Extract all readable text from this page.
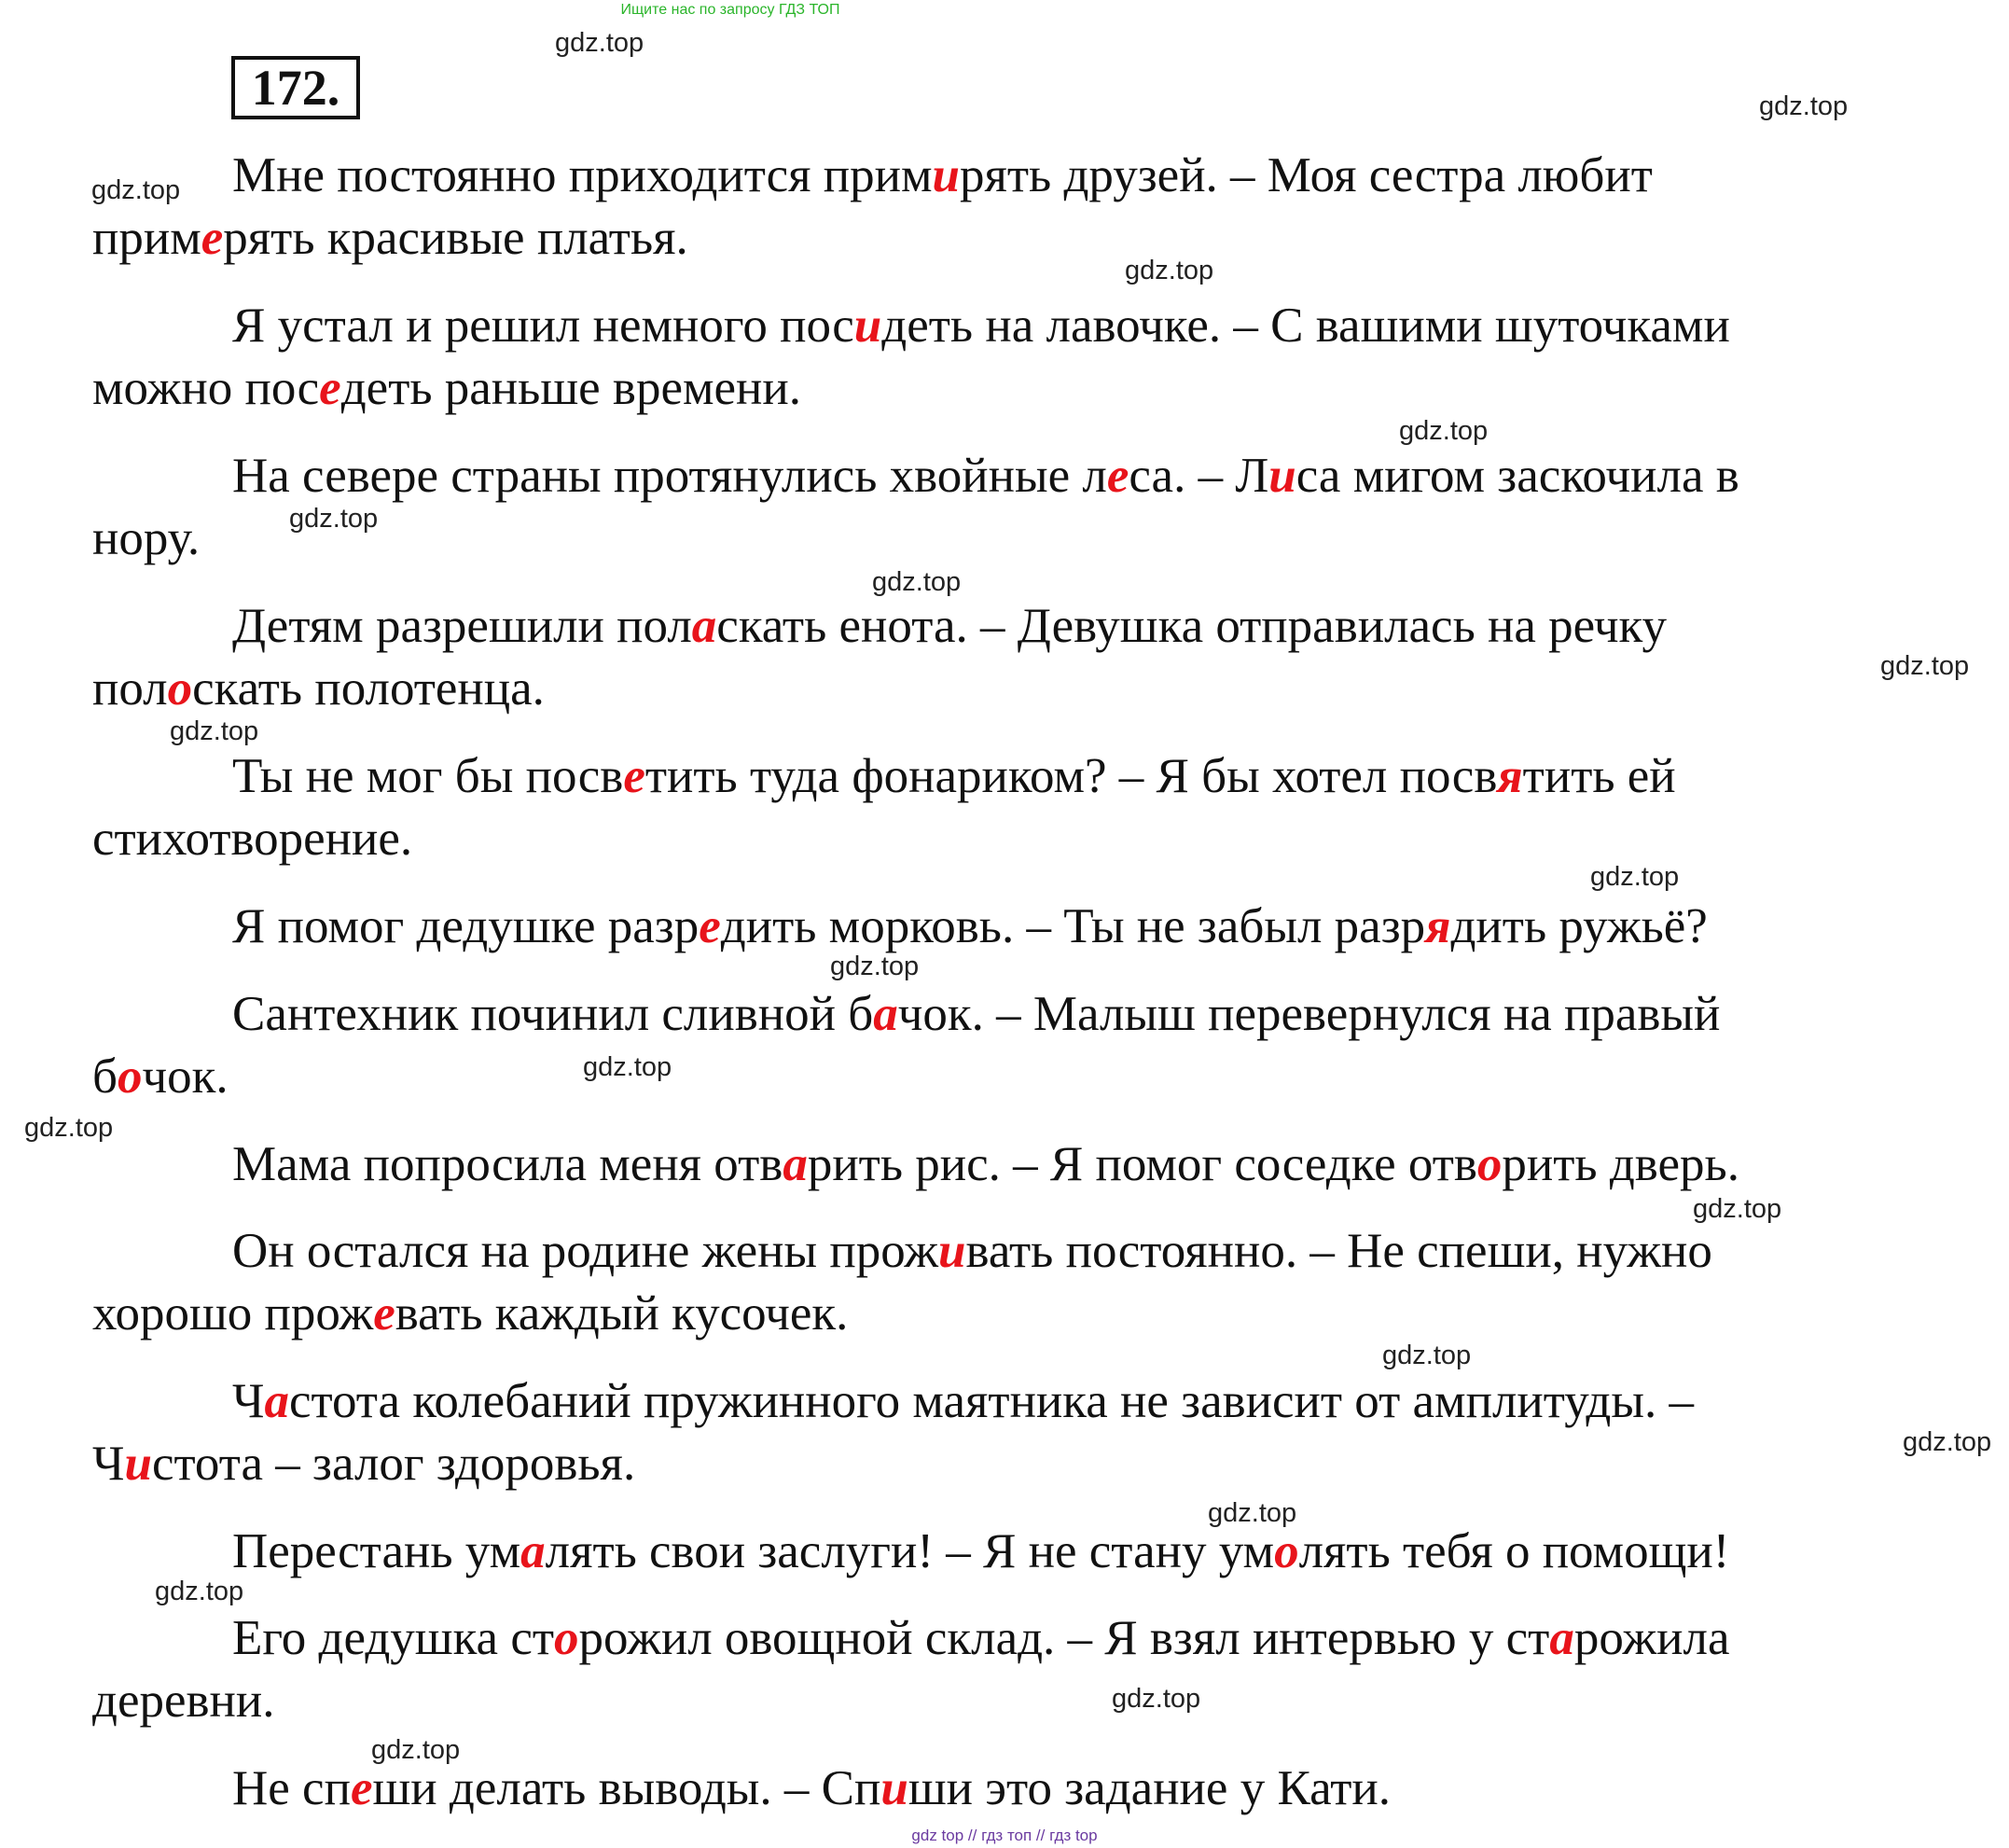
Ищите нас по запросу ГДЗ ТОП
172.
gdz.top
gdz.top
gdz.top
gdz.top
gdz.top
gdz.top
gdz.top
gdz.top
gdz.top
gdz.top
gdz.top
gdz.top
gdz.top
gdz.top
gdz.top
gdz.top
gdz.top
gdz.top
gdz.top
gdz.top
Мне постоянно приходится примирять друзей. – Моя сестра любит
примерять красивые платья.
Я устал и решил немного посидеть на лавочке. – С вашими шуточками
можно поседеть раньше времени.
На севере страны протянулись хвойные леса. – Лиса мигом заскочила в
нору.
Детям разрешили поласкать енота. – Девушка отправилась на речку
полоскать полотенца.
Ты не мог бы посветить туда фонариком? – Я бы хотел посвятить ей
стихотворение.
Я помог дедушке разредить морковь. – Ты не забыл разрядить ружьё?
Сантехник починил сливной бачок. – Малыш перевернулся на правый
бочок.
Мама попросила меня отварить рис. – Я помог соседке отворить дверь.
Он остался на родине жены проживать постоянно. – Не спеши, нужно
хорошо прожевать каждый кусочек.
Частота колебаний пружинного маятника не зависит от амплитуды. –
Чистота – залог здоровья.
Перестань умалять свои заслуги! – Я не стану умолять тебя о помощи!
Его дедушка сторожил овощной склад. – Я взял интервью у старожила
деревни.
Не спеши делать выводы. – Спиши это задание у Кати.
gdz top // гдз топ // гдз top
